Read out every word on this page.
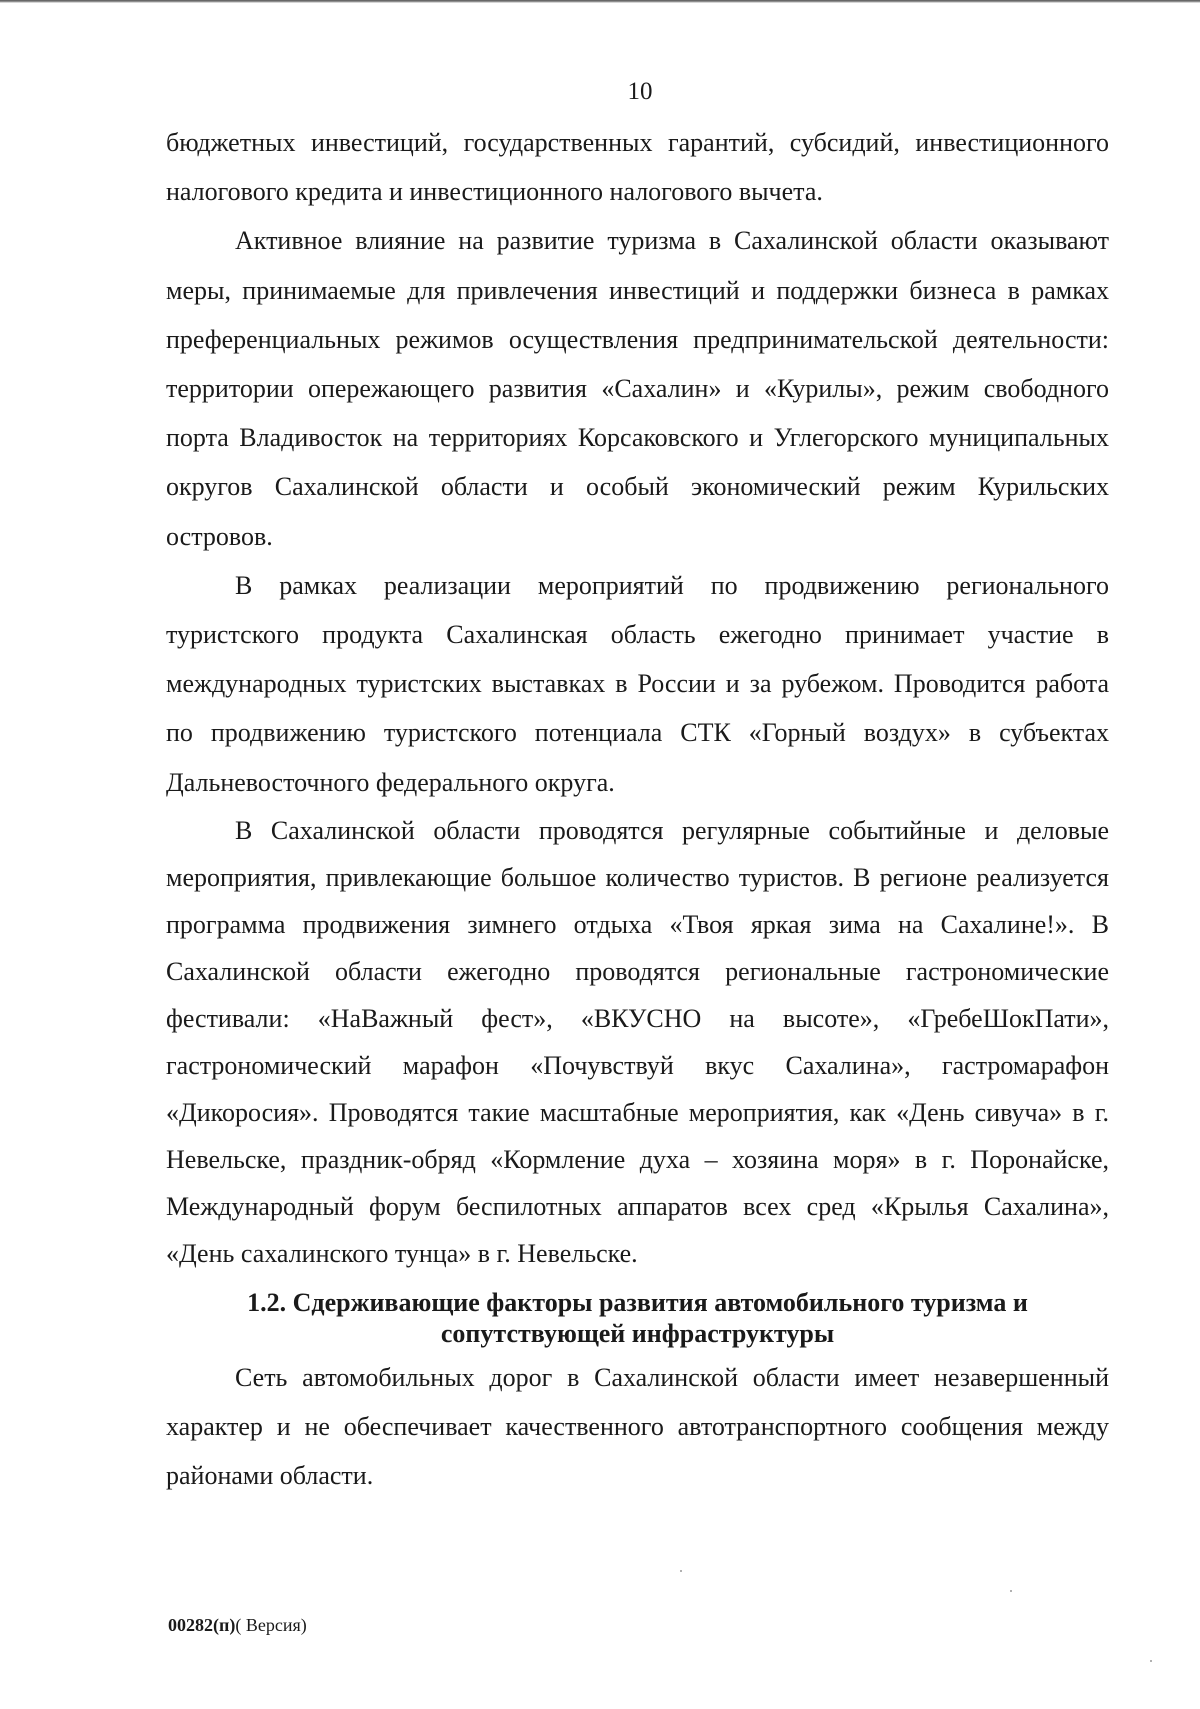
10

бюджетных инвестиций, государственных гарантий, субсидий, инвестиционного налогового кредита и инвестиционного налогового вычета.

Активное влияние на развитие туризма в Сахалинской области оказывают меры, принимаемые для привлечения инвестиций и поддержки бизнеса в рамках преференциальных режимов осуществления предпринимательской деятельности: территории опережающего развития «Сахалин» и «Курилы», режим свободного порта Владивосток на территориях Корсаковского и Углегорского муниципальных округов Сахалинской области и особый экономический режим Курильских островов.

В рамках реализации мероприятий по продвижению регионального туристского продукта Сахалинская область ежегодно принимает участие в международных туристских выставках в России и за рубежом. Проводится работа по продвижению туристского потенциала СТК «Горный воздух» в субъектах Дальневосточного федерального округа.

В Сахалинской области проводятся регулярные событийные и деловые мероприятия, привлекающие большое количество туристов. В регионе реализуется программа продвижения зимнего отдыха «Твоя яркая зима на Сахалине!». В Сахалинской области ежегодно проводятся региональные гастрономические фестивали: «НаВажный фест», «ВКУСНО на высоте», «ГребеШокПати», гастрономический марафон «Почувствуй вкус Сахалина», гастромарафон «Дикоросия». Проводятся такие масштабные мероприятия, как «День сивуча» в г. Невельске, праздник-обряд «Кормление духа – хозяина моря» в г. Поронайске, Международный форум беспилотных аппаратов всех сред «Крылья Сахалина», «День сахалинского тунца» в г. Невельске.

1.2. Сдерживающие факторы развития автомобильного туризма и сопутствующей инфраструктуры

Сеть автомобильных дорог в Сахалинской области имеет незавершенный характер и не обеспечивает качественного автотранспортного сообщения между районами области.

00282(п)( Версия)
